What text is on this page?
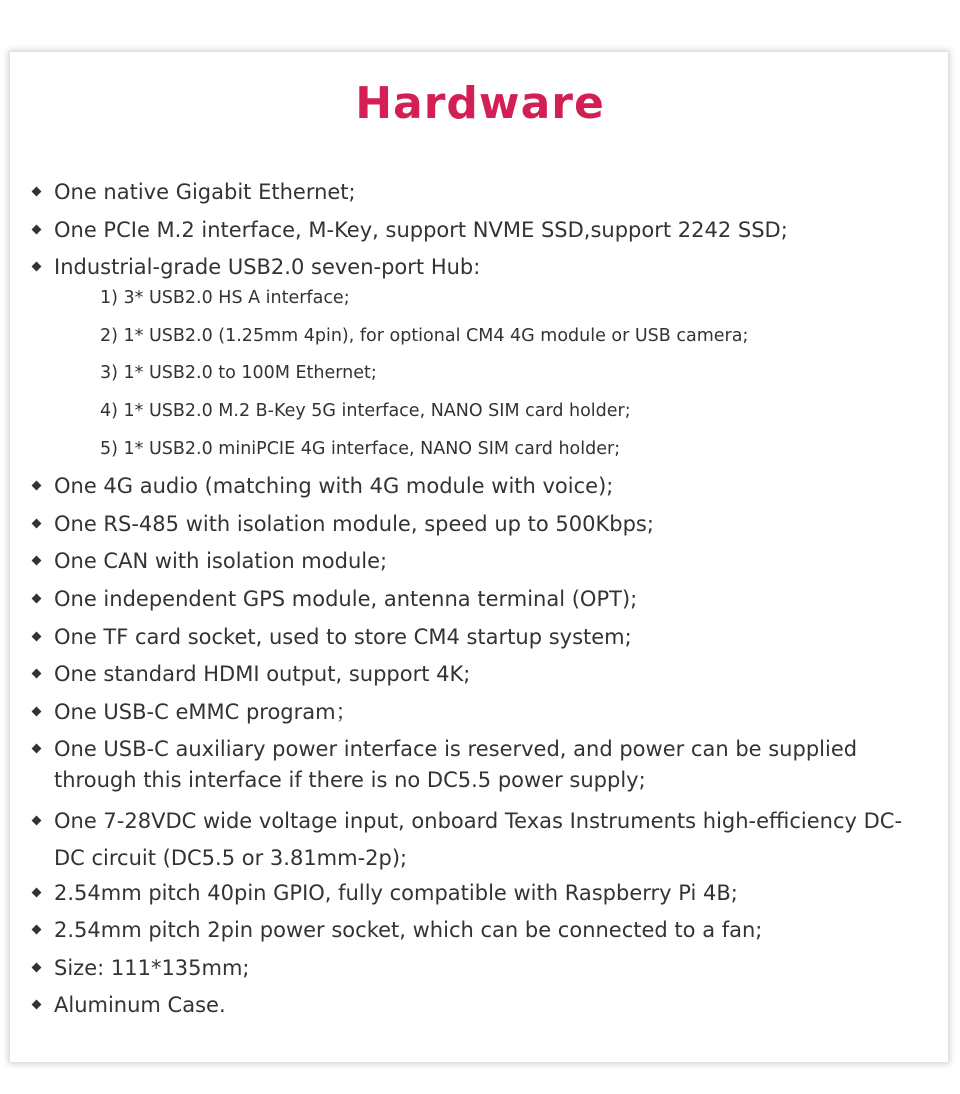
Hardware
One native Gigabit Ethernet;
One PCIe M.2 interface, M-Key, support NVME SSD,support 2242 SSD;
Industrial-grade USB2.0 seven-port Hub:
1) 3* USB2.0 HS A interface;
2) 1* USB2.0 (1.25mm 4pin), for optional CM4 4G module or USB camera;
3) 1* USB2.0 to 100M Ethernet;
4) 1* USB2.0 M.2 B-Key 5G interface, NANO SIM card holder;
5) 1* USB2.0 miniPCIE 4G interface, NANO SIM card holder;
One 4G audio (matching with 4G module with voice);
One RS-485 with isolation module, speed up to 500Kbps;
One CAN with isolation module;
One independent GPS module, antenna terminal (OPT);
One TF card socket, used to store CM4 startup system;
One standard HDMI output, support 4K;
One USB-C eMMC program；
One USB-C auxiliary power interface is reserved, and power can be supplied through this interface if there is no DC5.5 power supply;
One 7-28VDC wide voltage input, onboard Texas Instruments high-efficiency DC-DC circuit (DC5.5 or 3.81mm-2p);
2.54mm pitch 40pin GPIO, fully compatible with Raspberry Pi 4B;
2.54mm pitch 2pin power socket, which can be connected to a fan;
Size: 111*135mm;
Aluminum Case.
